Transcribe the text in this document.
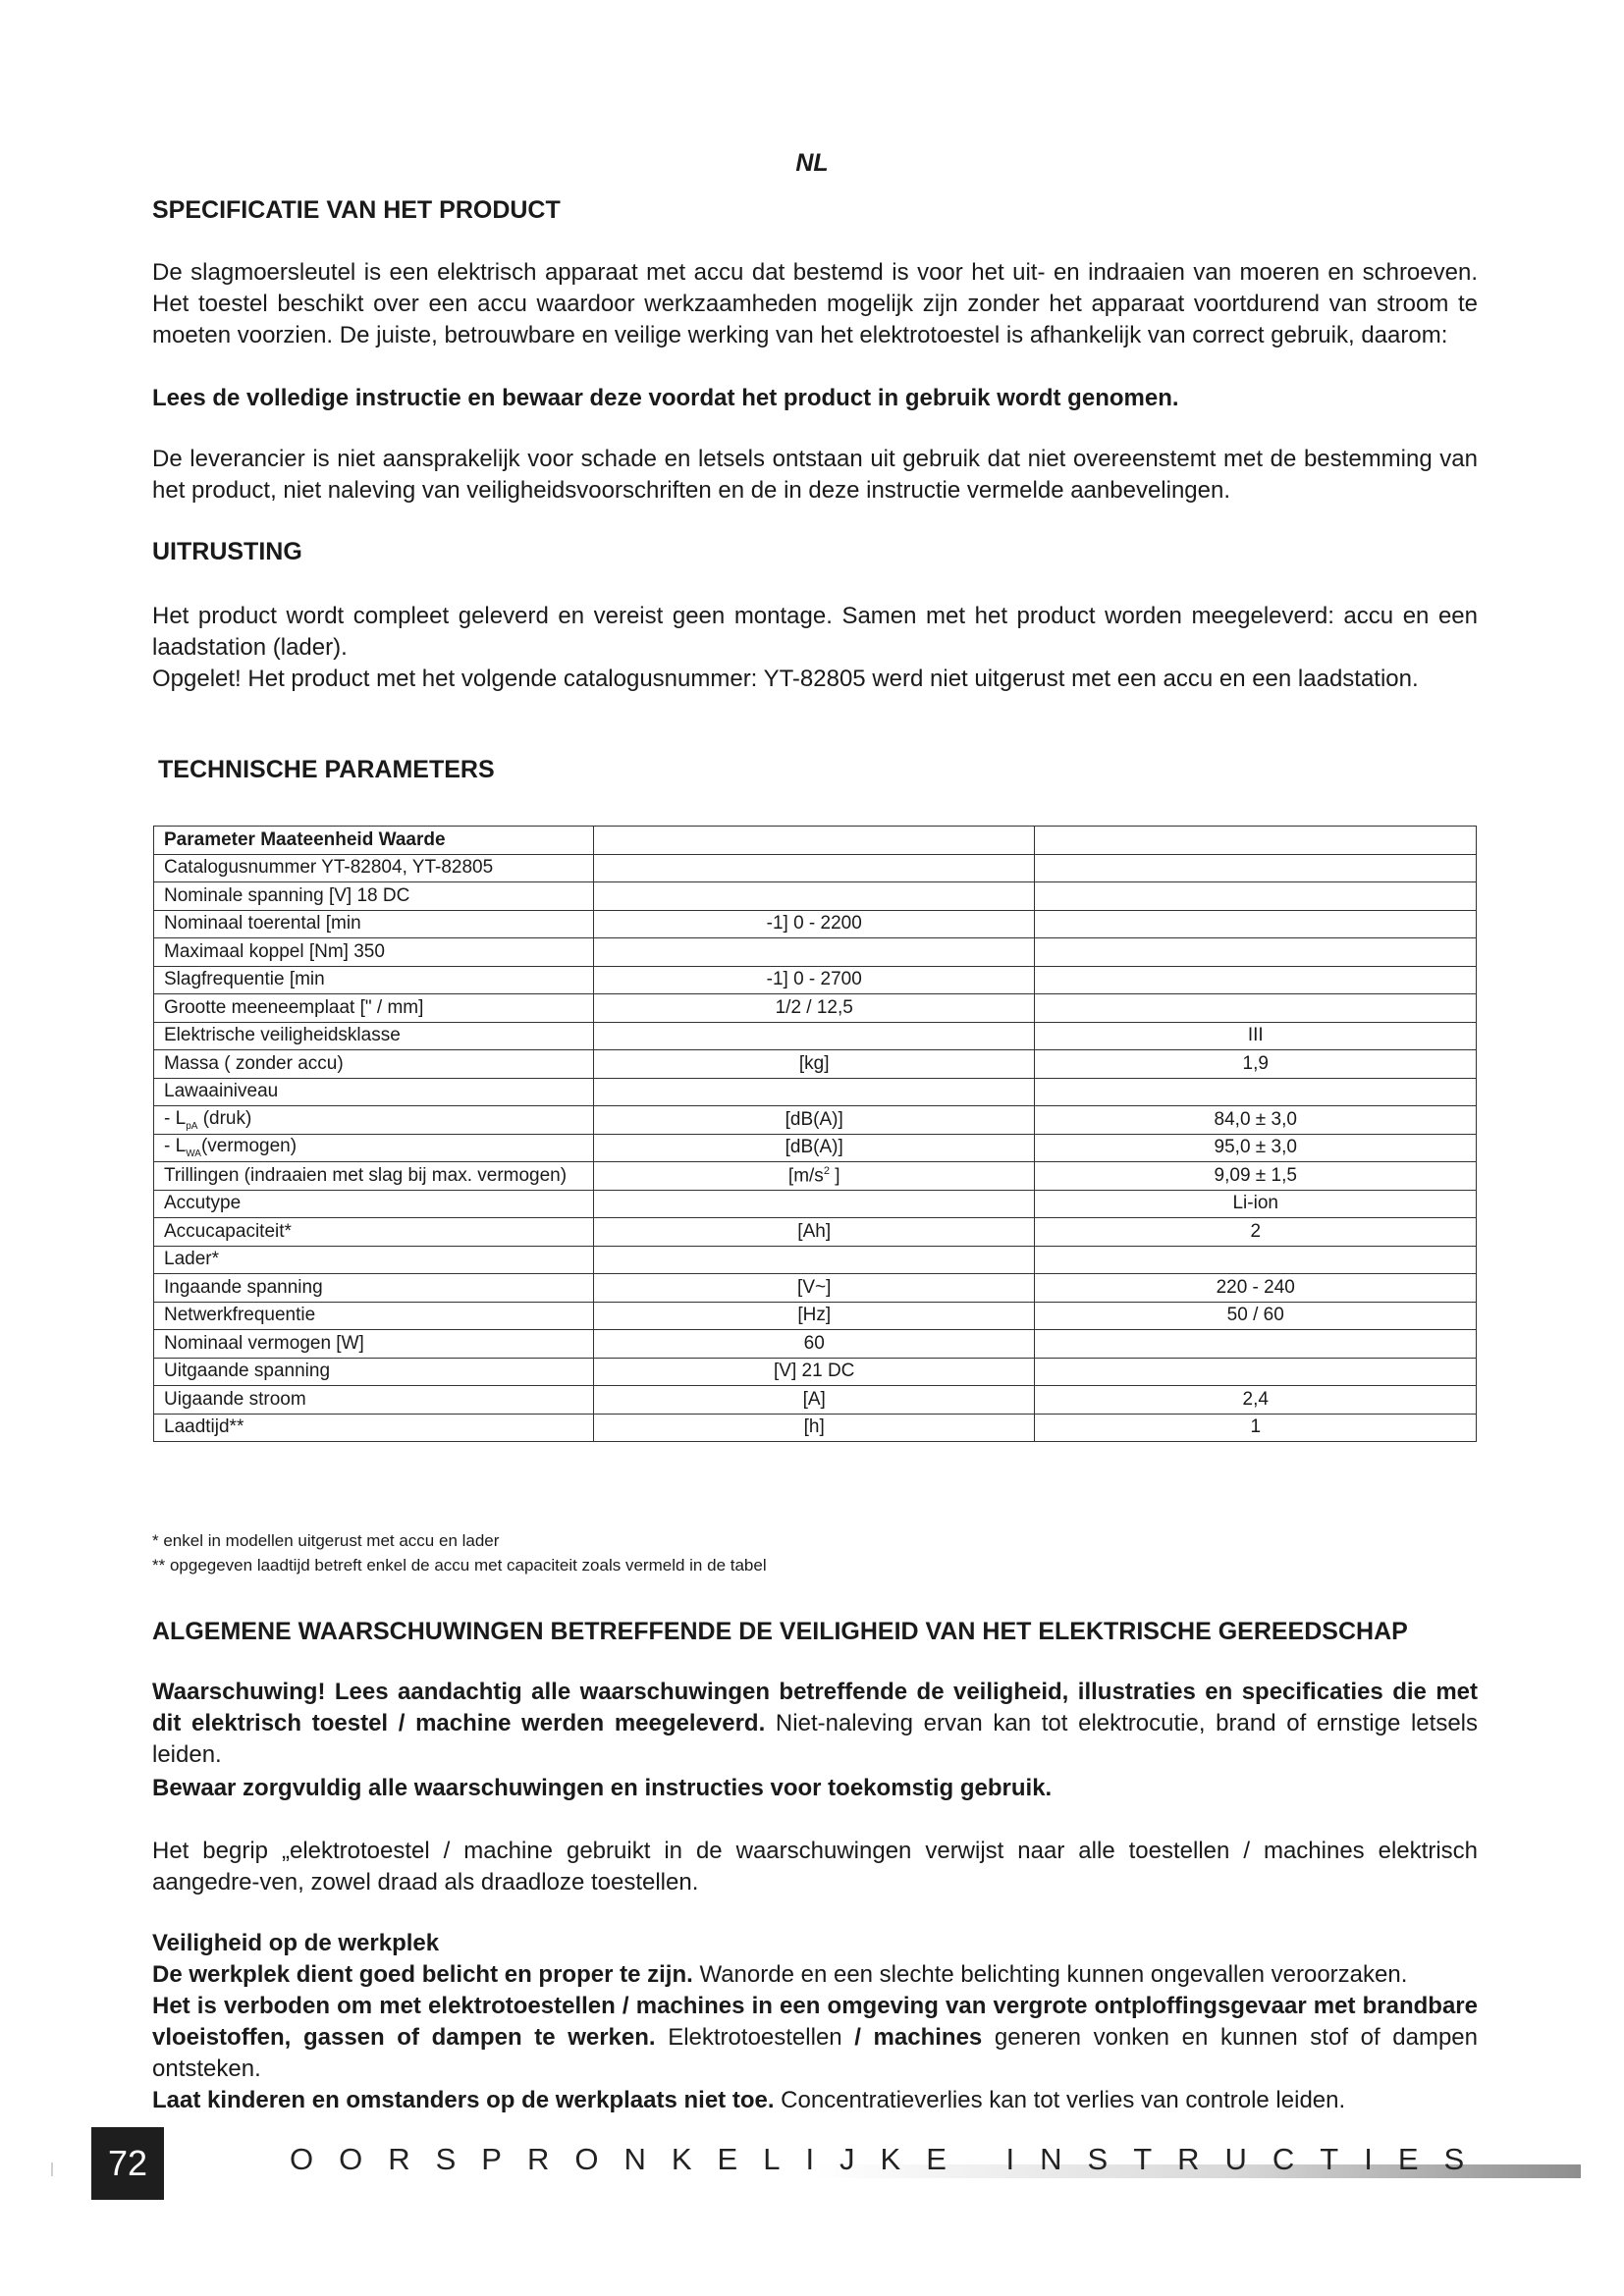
NL
SPECIFICATIE VAN HET PRODUCT

De slagmoersleutel is een elektrisch apparaat met accu dat bestemd is voor het uit- en indraaien van moeren en schroeven. Het toestel beschikt over een accu waardoor werkzaamheden mogelijk zijn zonder het apparaat voortdurend van stroom te moeten voorzien. De juiste, betrouwbare en veilige werking van het elektrotoestel is afhankelijk van correct gebruik, daarom:

Lees de volledige instructie en bewaar deze voordat het product in gebruik wordt genomen.

De leverancier is niet aansprakelijk voor schade en letsels ontstaan uit gebruik dat niet overeenstemt met de bestemming van het product, niet naleving van veiligheidsvoorschriften en de in deze instructie vermelde aanbevelingen.

UITRUSTING

Het product wordt compleet geleverd en vereist geen montage. Samen met het product worden meegeleverd: accu en een laadstation (lader).

Opgelet! Het product met het volgende catalogusnummer: YT-82805 werd niet uitgerust met een accu en een laadstation.

TECHNISCHE PARAMETERS
Parameter Maateenheid Waarde		
Catalogusnummer YT-82804, YT-82805		
Nominale spanning [V] 18 DC		
Nominaal toerental [min	-1] 0 - 2200	
Maximaal koppel [Nm] 350		
Slagfrequentie [min	-1] 0 - 2700	
Grootte meeneemplaat [" / mm]	1/2 / 12,5	
Elektrische veiligheidsklasse		III
Massa ( zonder accu)	[kg]	1,9
Lawaainiveau		
- $L_{pA}$ (druk)	[dB(A)]	84,0 ± 3,0
- $L_{WA}(vermogen)$	[dB(A)]	95,0 ± 3,0
Trillingen (indraaien met slag bij max. vermogen)	[$m/s^2$ ]	9,09 ± 1,5
Accutype		Li-ion
Accucapaciteit*	[Ah]	2
Lader*		
Ingaande spanning	[V~]	220 - 240
Netwerkfrequentie	[Hz]	50 / 60
Nominaal vermogen [W]	60	
Uitgaande spanning	[V] 21 DC	
Uigaande stroom	[A]	2,4
Laadtijd**	[h]	1
* enkel in modellen uitgerust met accu en lader
** opgegeven laadtijd betreft enkel de accu met capaciteit zoals vermeld in de tabel
ALGEMENE WAARSCHUWINGEN BETREFFENDE DE VEILIGHEID VAN HET ELEKTRISCHE GEREEDSCHAP

Waarschuwing! Lees aandachtig alle waarschuwingen betreffende de veiligheid, illustraties en specificaties die met dit elektrisch toestel / machine werden meegeleverd. Niet-naleving ervan kan tot elektrocutie, brand of ernstige letsels leiden.

Bewaar zorgvuldig alle waarschuwingen en instructies voor toekomstig gebruik.

Het begrip „elektrotoestel / machine gebruikt in de waarschuwingen verwijst naar alle toestellen / machines elektrisch aangedre-ven, zowel draad als draadloze toestellen.

Veiligheid op de werkplek

De werkplek dient goed belicht en proper te zijn. Wanorde en een slechte belichting kunnen ongevallen veroorzaken.

Het is verboden om met elektrotoestellen / machines in een omgeving van vergrote ontploffingsgevaar met brandbare vloeistoffen, gassen of dampen te werken. Elektrotoestellen / machines generen vonken en kunnen stof of dampen ontsteken.

Laat kinderen en omstanders op de werkplaats niet toe. Concentratieverlies kan tot verlies van controle leiden.

72	OORSPRONKELIJKE INSTRUCTIES
